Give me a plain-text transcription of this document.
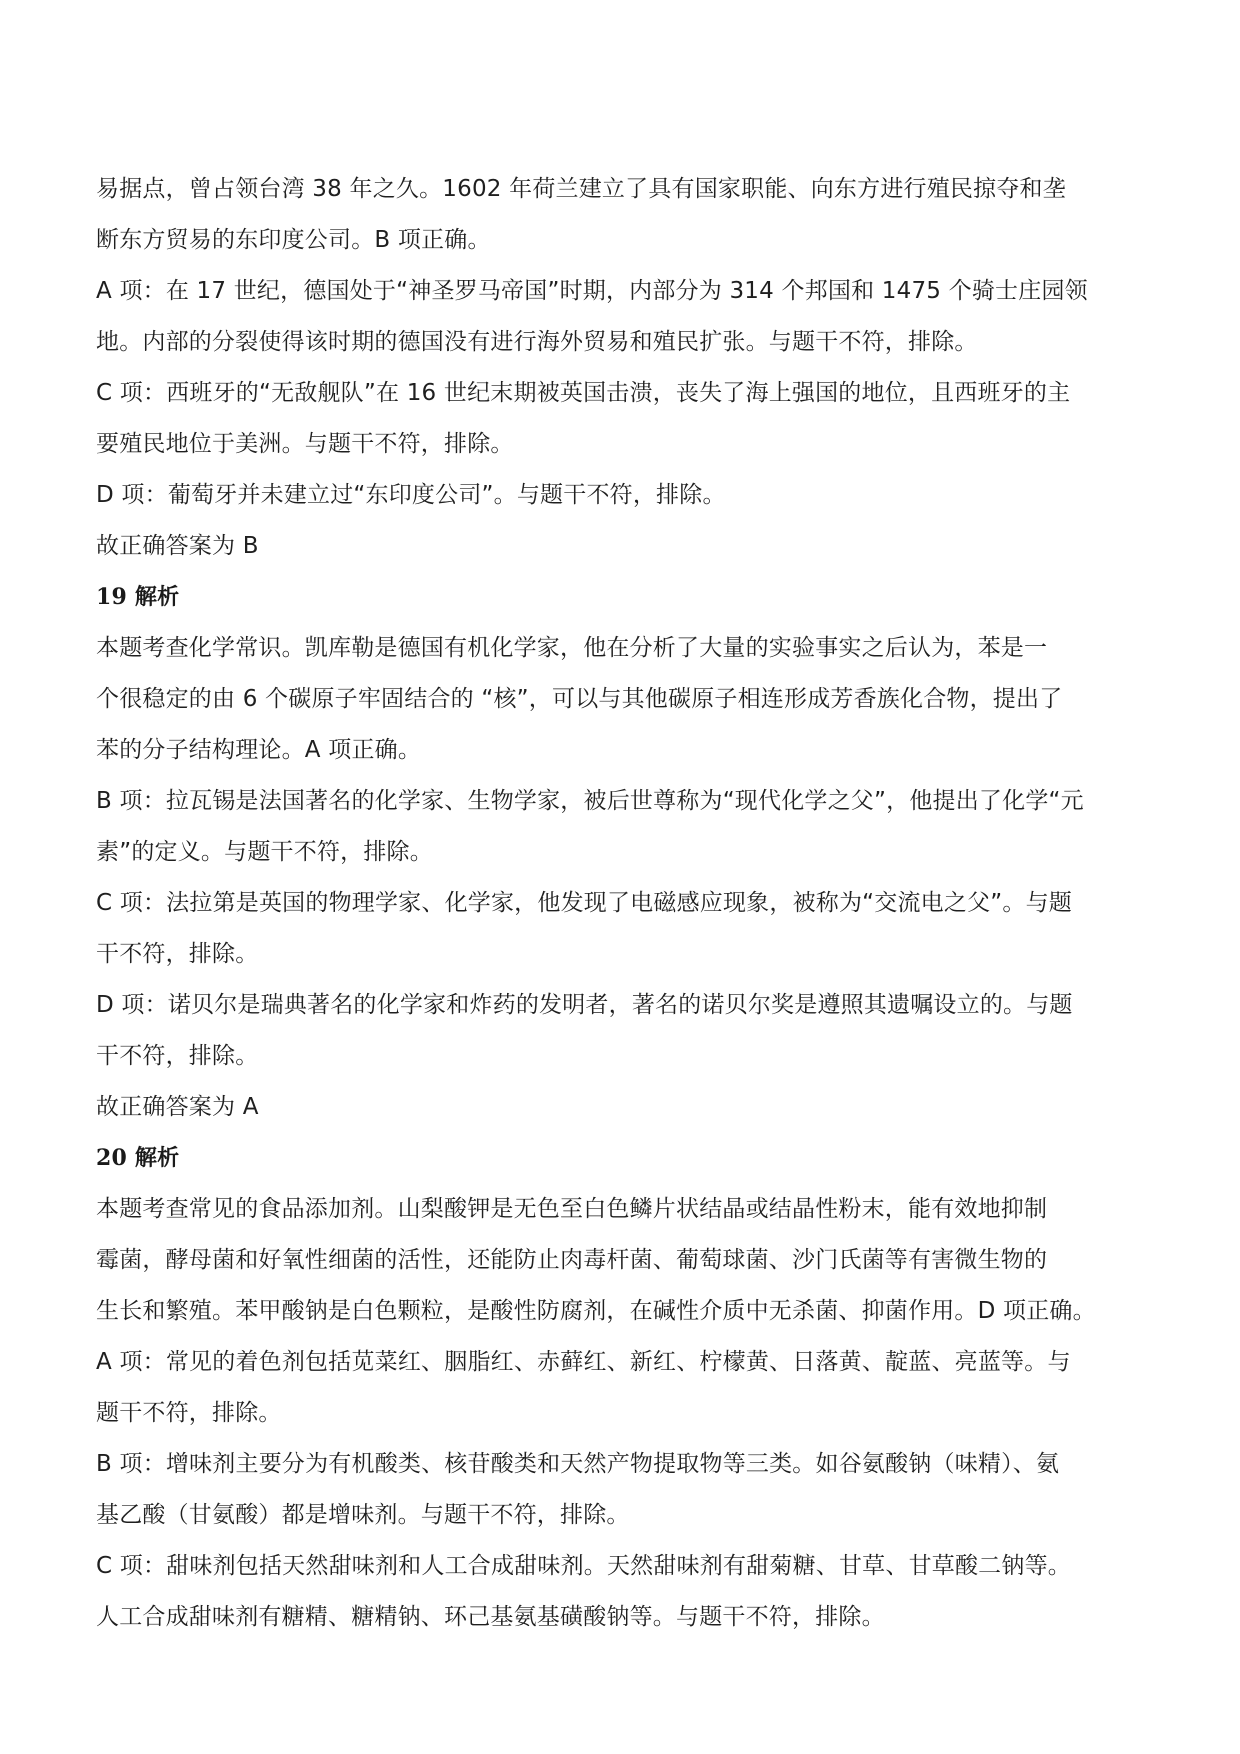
易据点，曾占领台湾 38 年之久。1602 年荷兰建立了具有国家职能、向东方进行殖民掠夺和垄
断东方贸易的东印度公司。B 项正确。
A 项：在 17 世纪，德国处于“神圣罗马帝国”时期，内部分为 314 个邦国和 1475 个骑士庄园领
地。内部的分裂使得该时期的德国没有进行海外贸易和殖民扩张。与题干不符，排除。
C 项：西班牙的“无敌舰队”在 16 世纪末期被英国击溃，丧失了海上强国的地位，且西班牙的主
要殖民地位于美洲。与题干不符，排除。
D 项：葡萄牙并未建立过“东印度公司”。与题干不符，排除。
故正确答案为 B
19 解析
本题考查化学常识。凯库勒是德国有机化学家，他在分析了大量的实验事实之后认为，苯是一
个很稳定的由 6 个碳原子牢固结合的 “核”，可以与其他碳原子相连形成芳香族化合物，提出了
苯的分子结构理论。A 项正确。
B 项：拉瓦锡是法国著名的化学家、生物学家，被后世尊称为“现代化学之父”，他提出了化学“元
素”的定义。与题干不符，排除。
C 项：法拉第是英国的物理学家、化学家，他发现了电磁感应现象，被称为“交流电之父”。与题
干不符，排除。
D 项：诺贝尔是瑞典著名的化学家和炸药的发明者，著名的诺贝尔奖是遵照其遗嘱设立的。与题
干不符，排除。
故正确答案为 A
20 解析
本题考查常见的食品添加剂。山梨酸钾是无色至白色鳞片状结晶或结晶性粉末，能有效地抑制
霉菌，酵母菌和好氧性细菌的活性，还能防止肉毒杆菌、葡萄球菌、沙门氏菌等有害微生物的
生长和繁殖。苯甲酸钠是白色颗粒，是酸性防腐剂，在碱性介质中无杀菌、抑菌作用。D 项正确。
A 项：常见的着色剂包括苋菜红、胭脂红、赤藓红、新红、柠檬黄、日落黄、靛蓝、亮蓝等。与
题干不符，排除。
B 项：增味剂主要分为有机酸类、核苷酸类和天然产物提取物等三类。如谷氨酸钠（味精）、氨
基乙酸（甘氨酸）都是增味剂。与题干不符，排除。
C 项：甜味剂包括天然甜味剂和人工合成甜味剂。天然甜味剂有甜菊糖、甘草、甘草酸二钠等。
人工合成甜味剂有糖精、糖精钠、环己基氨基磺酸钠等。与题干不符，排除。
